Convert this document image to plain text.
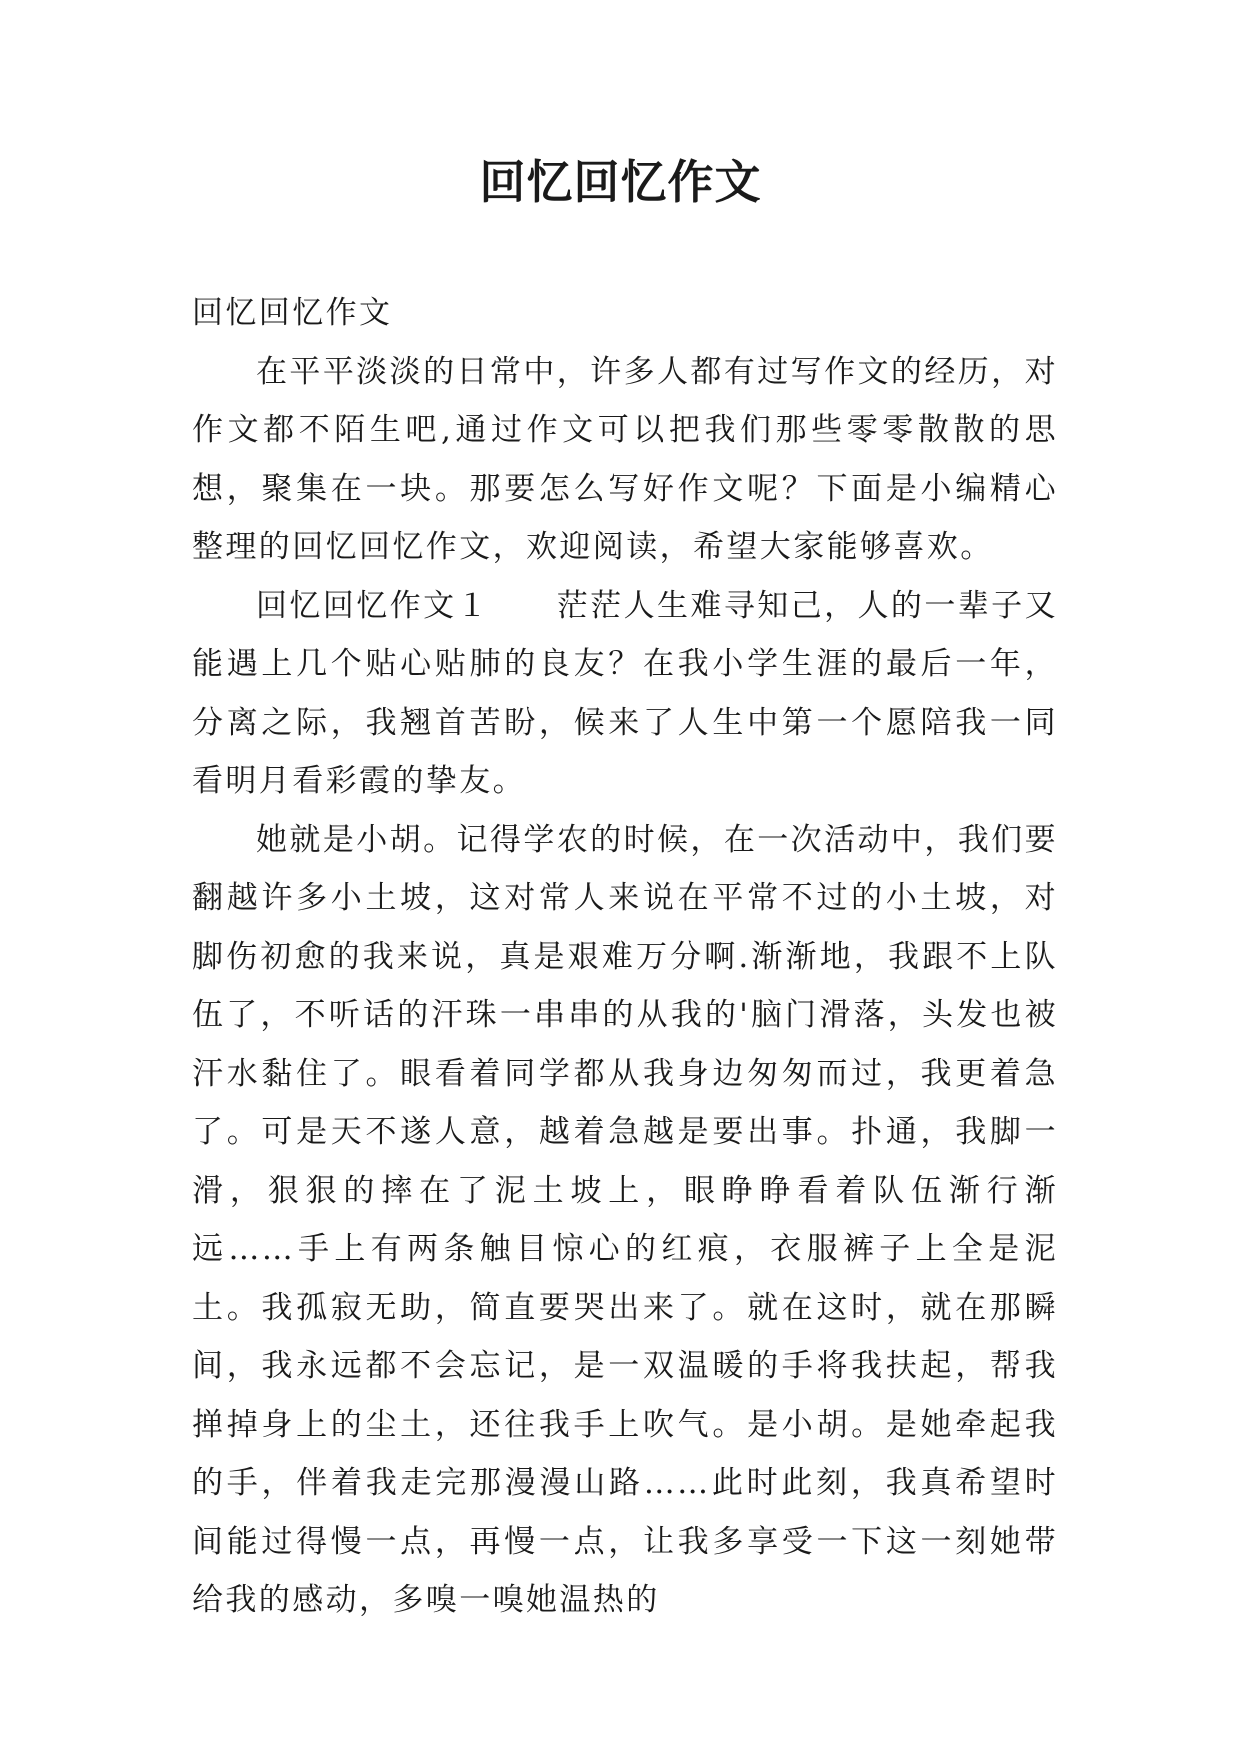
回忆回忆作文

回忆回忆作文

在平平淡淡的日常中，许多人都有过写作文的经历，对作文都不陌生吧,通过作文可以把我们那些零零散散的思想，聚集在一块。那要怎么写好作文呢？下面是小编精心整理的回忆回忆作文，欢迎阅读，希望大家能够喜欢。

回忆回忆作文１　　茫茫人生难寻知己，人的一辈子又能遇上几个贴心贴肺的良友？在我小学生涯的最后一年，分离之际，我翘首苦盼，候来了人生中第一个愿陪我一同看明月看彩霞的挚友。

她就是小胡。记得学农的时候，在一次活动中，我们要翻越许多小土坡，这对常人来说在平常不过的小土坡，对脚伤初愈的我来说，真是艰难万分啊.渐渐地，我跟不上队伍了，不听话的汗珠一串串的从我的'脑门滑落，头发也被汗水黏住了。眼看着同学都从我身边匆匆而过，我更着急了。可是天不遂人意，越着急越是要出事。扑通，我脚一滑，狠狠的摔在了泥土坡上，眼睁睁看着队伍渐行渐远……手上有两条触目惊心的红痕，衣服裤子上全是泥土。我孤寂无助，简直要哭出来了。就在这时，就在那瞬间，我永远都不会忘记，是一双温暖的手将我扶起，帮我掸掉身上的尘土，还往我手上吹气。是小胡。是她牵起我的手，伴着我走完那漫漫山路……此时此刻，我真希望时间能过得慢一点，再慢一点，让我多享受一下这一刻她带给我的感动，多嗅一嗅她温热的
